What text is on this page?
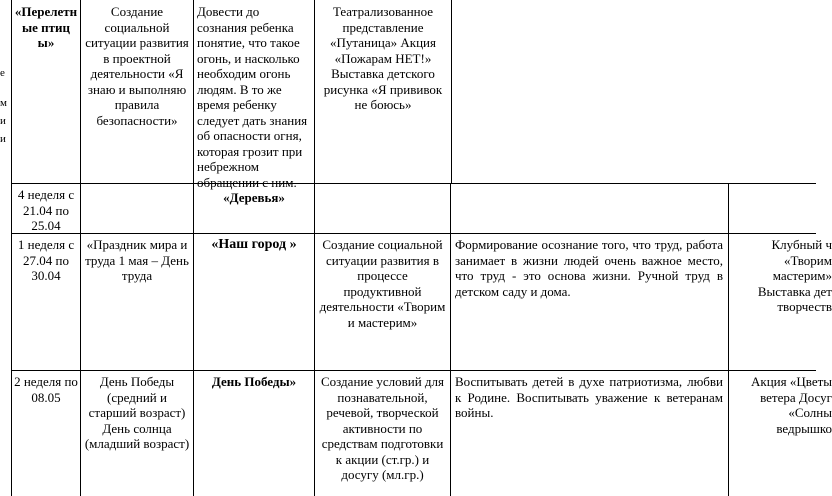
е
м
и
и
«Перелетные птицы»
Создание социальной ситуации развития в проектной деятельности «Я знаю и выполняю правила безопасности»
Довести до сознания ребенка понятие, что такое огонь, и насколько необходим огонь людям. В то же время ребенку следует дать знания об опасности огня, которая грозит при небрежном обращении с ним.
«Деревья»
Театрализованное представление «Путаница» Акция «Пожарам НЕТ!» Выставка детского рисунка «Я прививок не боюсь»
4 неделя с 21.04 по 25.04
1 неделя с 27.04 по 30.04
«Праздник мира и труда 1 мая – День труда
«Наш город »	Создание социальной ситуации развития в процессе продуктивной деятельности «Творим и мастерим»
Формирование осознание того, что труд, работа занимает в жизни людей очень важное место, что труд - это основа жизни. Ручной труд в детском саду и дома.
Клубный ч «Творим мастерим» Выставка дет творчеств
2 неделя по 08.05
День Победы (средний и старший возраст) День солнца (младший возраст)
День Победы»	Создание условий для познавательной, речевой, творческой активности по средствам подготовки к акции (ст.гр.) и досугу (мл.гр.)
Воспитывать детей в духе патриотизма, любви к Родине. Воспитывать уважение к ветеранам войны.
Акция «Цветы ветера Досуг «Солны ведрышко
